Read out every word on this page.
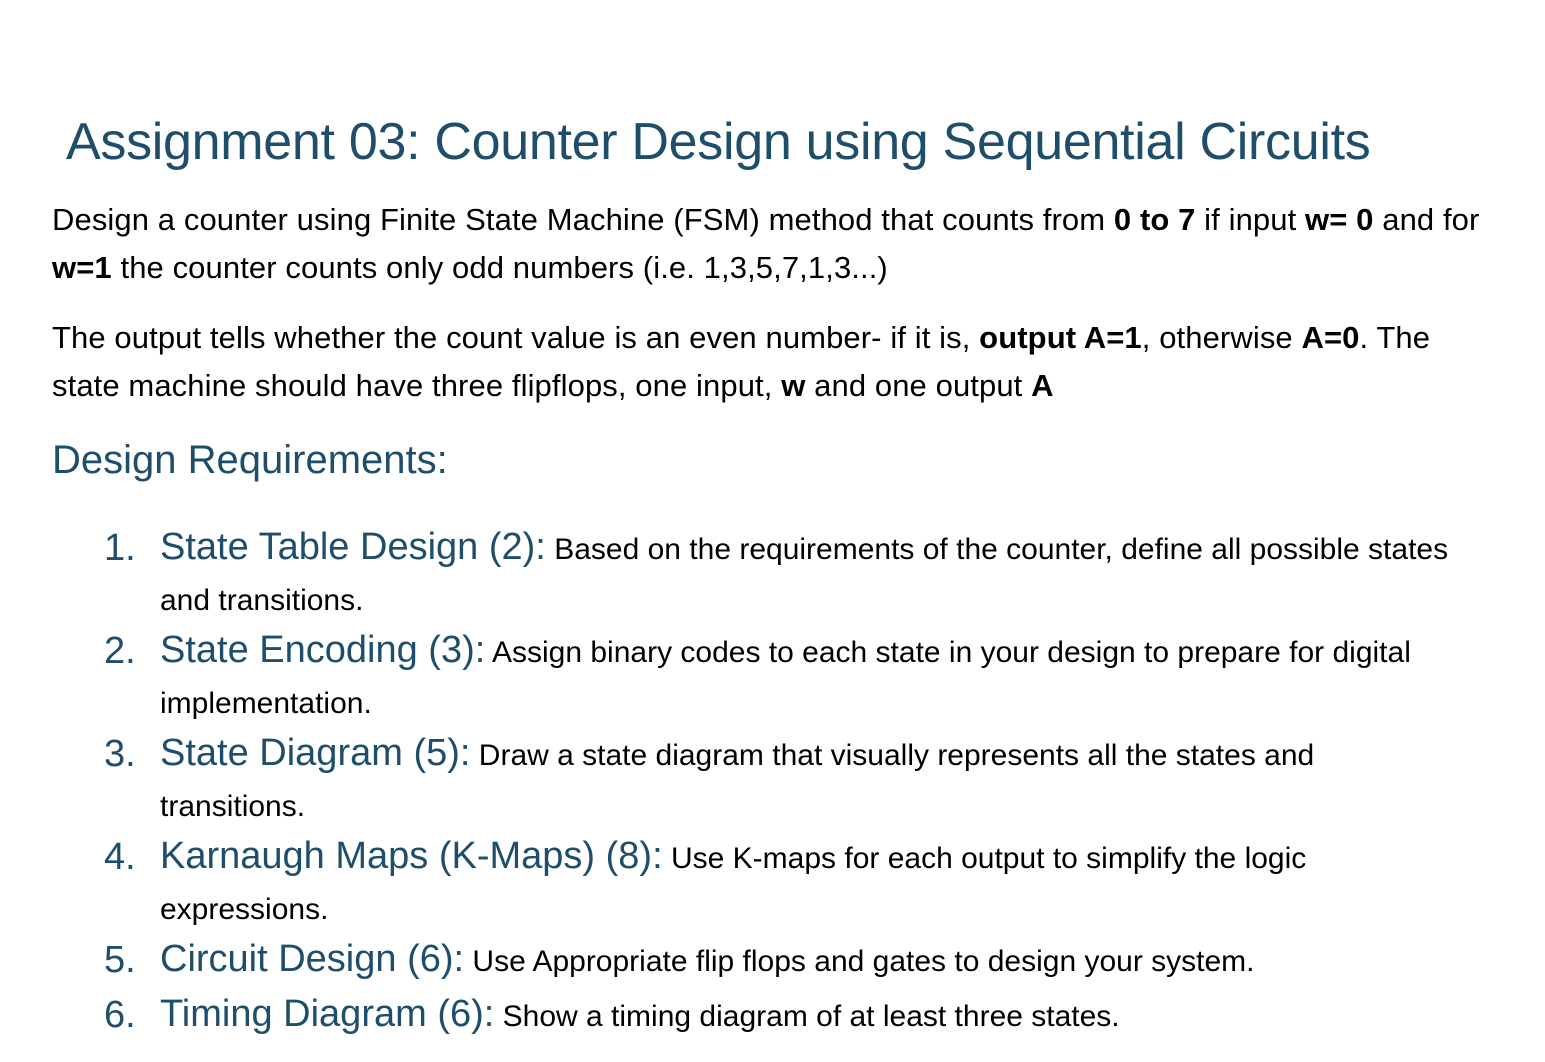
Assignment 03: Counter Design using Sequential Circuits

Design a counter using Finite State Machine (FSM) method that counts from 0 to 7 if input w= 0 and for w=1 the counter counts only odd numbers (i.e. 1,3,5,7,1,3...)

The output tells whether the count value is an even number- if it is, output A=1, otherwise A=0. The state machine should have three flipflops, one input, w and one output A

Design Requirements:
1. State Table Design (2): Based on the requirements of the counter, define all possible states and transitions.
2. State Encoding (3): Assign binary codes to each state in your design to prepare for digital implementation.
3. State Diagram (5): Draw a state diagram that visually represents all the states and transitions.
4. Karnaugh Maps (K-Maps) (8): Use K-maps for each output to simplify the logic expressions.
5. Circuit Design (6): Use Appropriate flip flops and gates to design your system.
6. Timing Diagram (6): Show a timing diagram of at least three states.
